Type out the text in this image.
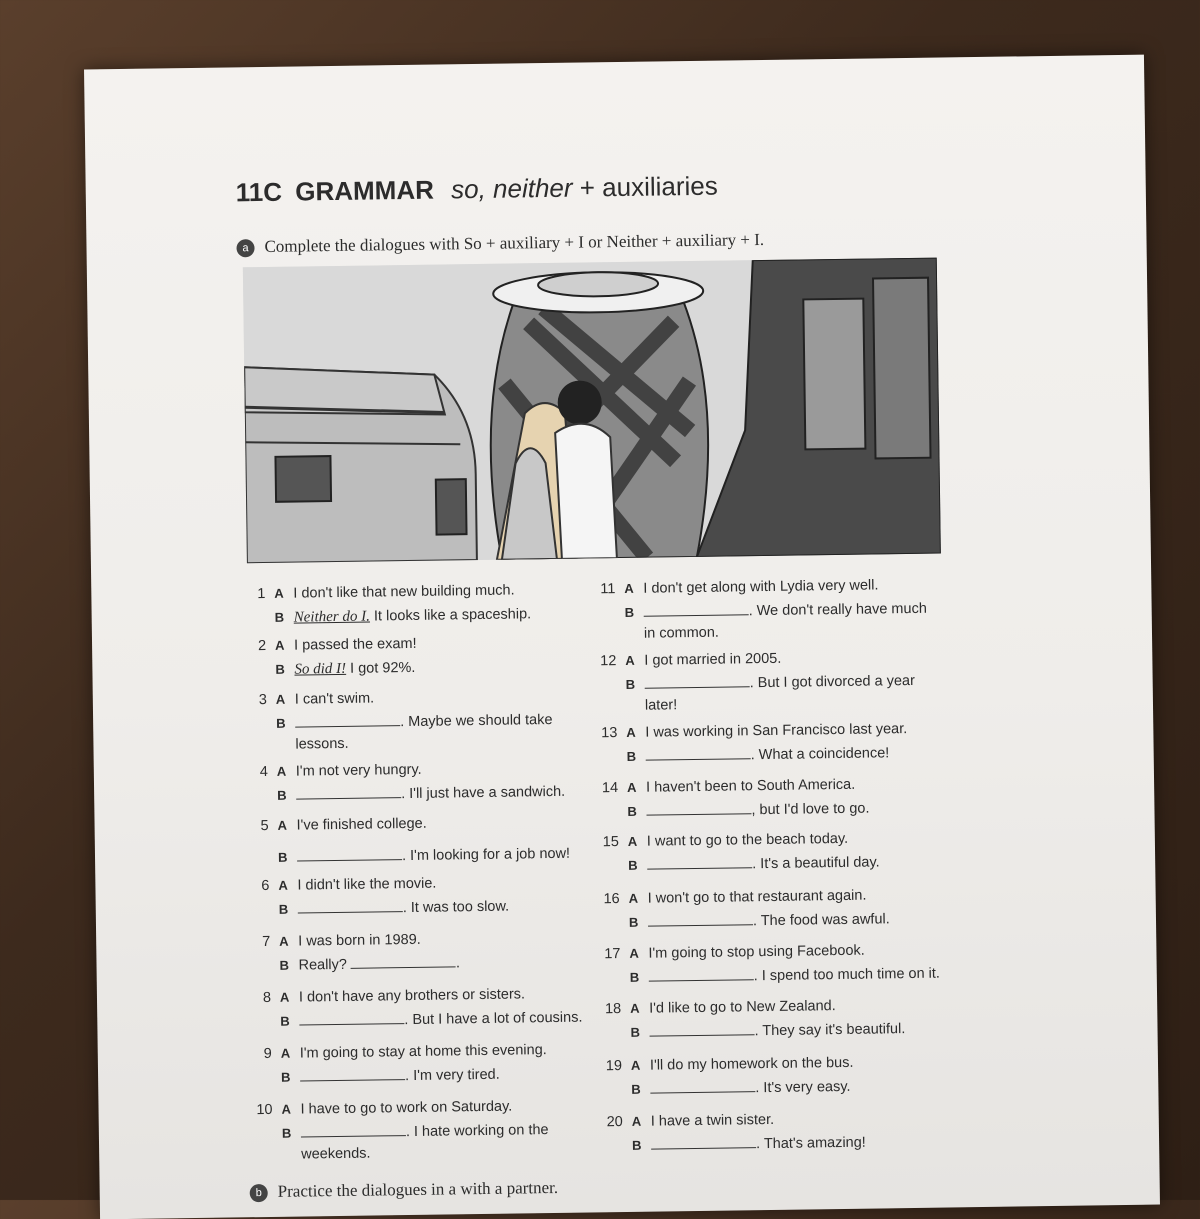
11C GRAMMAR so, neither + auxiliaries
a Complete the dialogues with So + auxiliary + I or Neither + auxiliary + I.
1 A I don't like that new building much.
B Neither do I. It looks like a spaceship.
2 A I passed the exam!
B So did I! I got 92%.
3 A I can't swim.
B	. Maybe we should take
lessons.
4 A I'm not very hungry.
B	. I'll just have a sandwich.
5 A I've finished college.
B	. I'm looking for a job now!
6 A I didn't like the movie.
B	. It was too slow.
7 A I was born in 1989.
B Really?	.
8 A I don't have any brothers or sisters.
B	. But I have a lot of cousins.
9 A I'm going to stay at home this evening.
B	. I'm very tired.
10 A I have to go to work on Saturday.
B	. I hate working on the
weekends.
11 A I don't get along with Lydia very well.
B	. We don't really have much
in common.
12 A I got married in 2005.
B	. But I got divorced a year
later!
13 A I was working in San Francisco last year.
B	. What a coincidence!
14 A I haven't been to South America.
B	, but I'd love to go.
15 A I want to go to the beach today.
B	. It's a beautiful day.
16 A I won't go to that restaurant again.
B	. The food was awful.
17 A I'm going to stop using Facebook.
B	. I spend too much time on it.
18 A I'd like to go to New Zealand.
B	. They say it's beautiful.
19 A I'll do my homework on the bus.
B	. It's very easy.
20 A I have a twin sister.
B	. That's amazing!
b Practice the dialogues in a with a partner.
